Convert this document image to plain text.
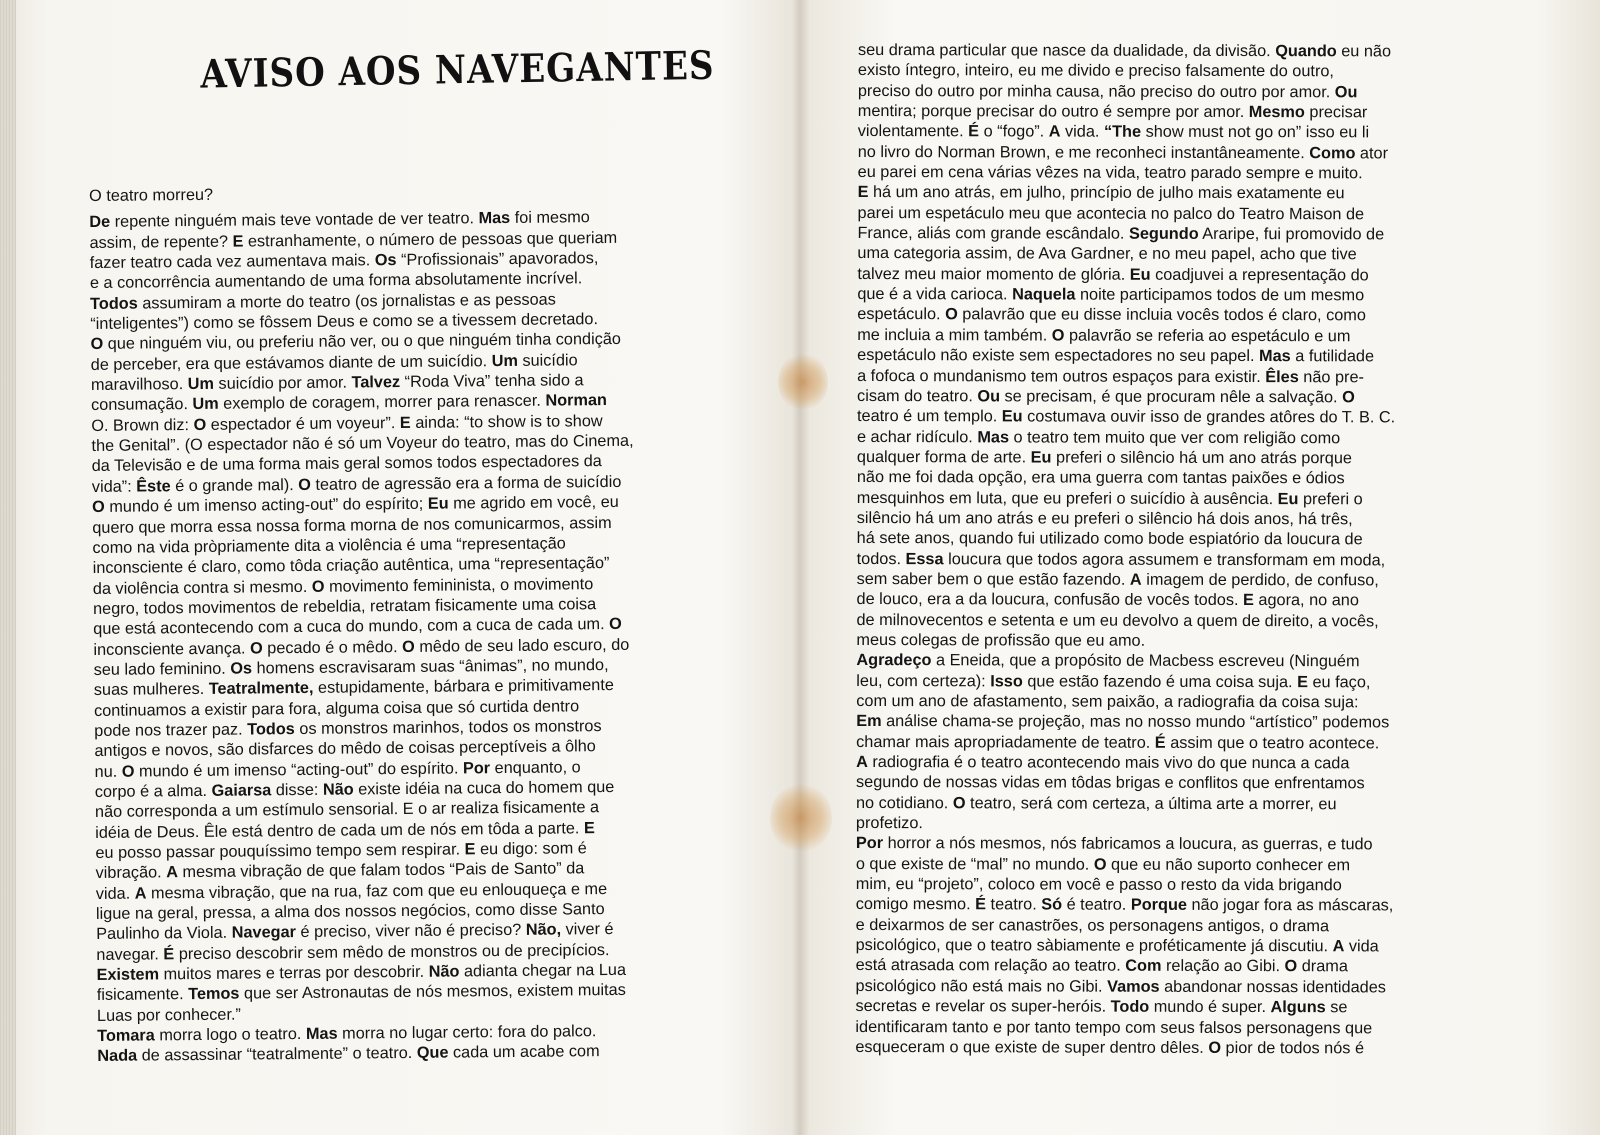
AVISO AOS NAVEGANTES
O teatro morreu?
De repente ninguém mais teve vontade de ver teatro. Mas foi mesmo
assim, de repente? E estranhamente, o número de pessoas que queriam
fazer teatro cada vez aumentava mais. Os “Profissionais” apavorados,
e a concorrência aumentando de uma forma absolutamente incrível.
Todos assumiram a morte do teatro (os jornalistas e as pessoas
“inteligentes”) como se fôssem Deus e como se a tivessem decretado.
O que ninguém viu, ou preferiu não ver, ou o que ninguém tinha condição
de perceber, era que estávamos diante de um suicídio. Um suicídio
maravilhoso. Um suicídio por amor. Talvez “Roda Viva” tenha sido a
consumação. Um exemplo de coragem, morrer para renascer. Norman
O. Brown diz: O espectador é um voyeur”. E ainda: “to show is to show
the Genital”. (O espectador não é só um Voyeur do teatro, mas do Cinema,
da Televisão e de uma forma mais geral somos todos espectadores da
vida”: Êste é o grande mal). O teatro de agressão era a forma de suicídio
O mundo é um imenso acting-out” do espírito; Eu me agrido em você, eu
quero que morra essa nossa forma morna de nos comunicarmos, assim
como na vida pròpriamente dita a violência é uma “representação
inconsciente é claro, como tôda criação autêntica, uma “representação”
da violência contra si mesmo. O movimento femininista, o movimento
negro, todos movimentos de rebeldia, retratam fisicamente uma coisa
que está acontecendo com a cuca do mundo, com a cuca de cada um. O
inconsciente avança. O pecado é o mêdo. O mêdo de seu lado escuro, do
seu lado feminino. Os homens escravisaram suas “ânimas”, no mundo,
suas mulheres. Teatralmente, estupidamente, bárbara e primitivamente
continuamos a existir para fora, alguma coisa que só curtida dentro
pode nos trazer paz. Todos os monstros marinhos, todos os monstros
antigos e novos, são disfarces do mêdo de coisas perceptíveis a ôlho
nu. O mundo é um imenso “acting-out” do espírito. Por enquanto, o
corpo é a alma. Gaiarsa disse: Não existe idéia na cuca do homem que
não corresponda a um estímulo sensorial. E o ar realiza fisicamente a
idéia de Deus. Êle está dentro de cada um de nós em tôda a parte. E
eu posso passar pouquíssimo tempo sem respirar. E eu digo: som é
vibração. A mesma vibração de que falam todos “Pais de Santo” da
vida. A mesma vibração, que na rua, faz com que eu enlouqueça e me
ligue na geral, pressa, a alma dos nossos negócios, como disse Santo
Paulinho da Viola. Navegar é preciso, viver não é preciso? Não, viver é
navegar. É preciso descobrir sem mêdo de monstros ou de precipícios.
Existem muitos mares e terras por descobrir. Não adianta chegar na Lua
fisicamente. Temos que ser Astronautas de nós mesmos, existem muitas
Luas por conhecer.”
Tomara morra logo o teatro. Mas morra no lugar certo: fora do palco.
Nada de assassinar “teatralmente” o teatro. Que cada um acabe com
seu drama particular que nasce da dualidade, da divisão. Quando eu não
existo íntegro, inteiro, eu me divido e preciso falsamente do outro,
preciso do outro por minha causa, não preciso do outro por amor. Ou
mentira; porque precisar do outro é sempre por amor. Mesmo precisar
violentamente. É o “fogo”. A vida. “The show must not go on” isso eu li
no livro do Norman Brown, e me reconheci instantâneamente. Como ator
eu parei em cena várias vêzes na vida, teatro parado sempre e muito.
E há um ano atrás, em julho, princípio de julho mais exatamente eu
parei um espetáculo meu que acontecia no palco do Teatro Maison de
France, aliás com grande escândalo. Segundo Araripe, fui promovido de
uma categoria assim, de Ava Gardner, e no meu papel, acho que tive
talvez meu maior momento de glória. Eu coadjuvei a representação do
que é a vida carioca. Naquela noite participamos todos de um mesmo
espetáculo. O palavrão que eu disse incluia vocês todos é claro, como
me incluia a mim também. O palavrão se referia ao espetáculo e um
espetáculo não existe sem espectadores no seu papel. Mas a futilidade
a fofoca o mundanismo tem outros espaços para existir. Êles não pre-
cisam do teatro. Ou se precisam, é que procuram nêle a salvação. O
teatro é um templo. Eu costumava ouvir isso de grandes atôres do T. B. C.
e achar ridículo. Mas o teatro tem muito que ver com religião como
qualquer forma de arte. Eu preferi o silêncio há um ano atrás porque
não me foi dada opção, era uma guerra com tantas paixões e ódios
mesquinhos em luta, que eu preferi o suicídio à ausência. Eu preferi o
silêncio há um ano atrás e eu preferi o silêncio há dois anos, há três,
há sete anos, quando fui utilizado como bode espiatório da loucura de
todos. Essa loucura que todos agora assumem e transformam em moda,
sem saber bem o que estão fazendo. A imagem de perdido, de confuso,
de louco, era a da loucura, confusão de vocês todos. E agora, no ano
de milnovecentos e setenta e um eu devolvo a quem de direito, a vocês,
meus colegas de profissão que eu amo.
Agradeço a Eneida, que a propósito de Macbess escreveu (Ninguém
leu, com certeza): Isso que estão fazendo é uma coisa suja. E eu faço,
com um ano de afastamento, sem paixão, a radiografia da coisa suja:
Em análise chama-se projeção, mas no nosso mundo “artístico” podemos
chamar mais apropriadamente de teatro. É assim que o teatro acontece.
A radiografia é o teatro acontecendo mais vivo do que nunca a cada
segundo de nossas vidas em tôdas brigas e conflitos que enfrentamos
no cotidiano. O teatro, será com certeza, a última arte a morrer, eu
profetizo.
Por horror a nós mesmos, nós fabricamos a loucura, as guerras, e tudo
o que existe de “mal” no mundo. O que eu não suporto conhecer em
mim, eu “projeto”, coloco em você e passo o resto da vida brigando
comigo mesmo. É teatro. Só é teatro. Porque não jogar fora as máscaras,
e deixarmos de ser canastrões, os personagens antigos, o drama
psicológico, que o teatro sàbiamente e proféticamente já discutiu. A vida
está atrasada com relação ao teatro. Com relação ao Gibi. O drama
psicológico não está mais no Gibi. Vamos abandonar nossas identidades
secretas e revelar os super-heróis. Todo mundo é super. Alguns se
identificaram tanto e por tanto tempo com seus falsos personagens que
esqueceram o que existe de super dentro dêles. O pior de todos nós é
